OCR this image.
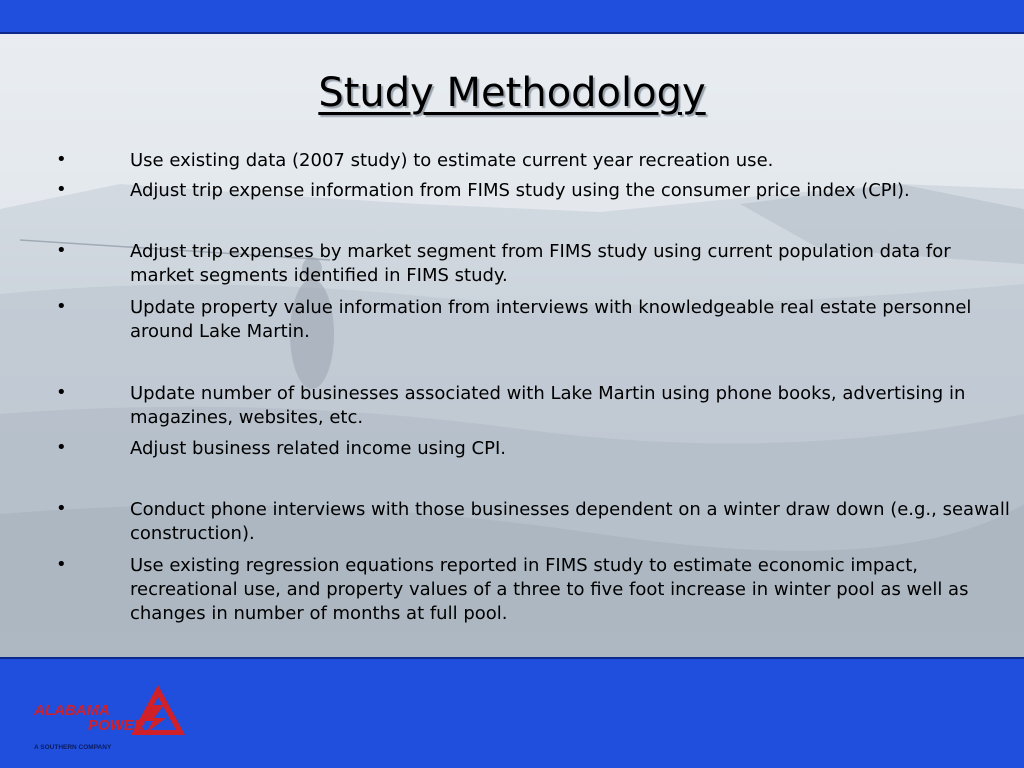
Study Methodology
•	Use existing data (2007 study) to estimate current year recreation use.
•	Adjust trip expense information from FIMS study using the consumer price index (CPI).
•	Adjust trip expenses by market segment from FIMS study using current population data for market segments identified in FIMS study.
•	Update property value information from interviews with knowledgeable real estate personnel around Lake Martin.
•	Update number of businesses associated with Lake Martin using phone books, advertising in magazines, websites, etc.
•	Adjust business related income using CPI.
•	Conduct phone interviews with those businesses dependent on a winter draw down (e.g., seawall construction).
•	Use existing regression equations reported in FIMS study to estimate economic impact, recreational use, and property values of a three to five foot increase in winter pool as well as changes in number of months at full pool.
ALABAMA
POWER
A SOUTHERN COMPANY
